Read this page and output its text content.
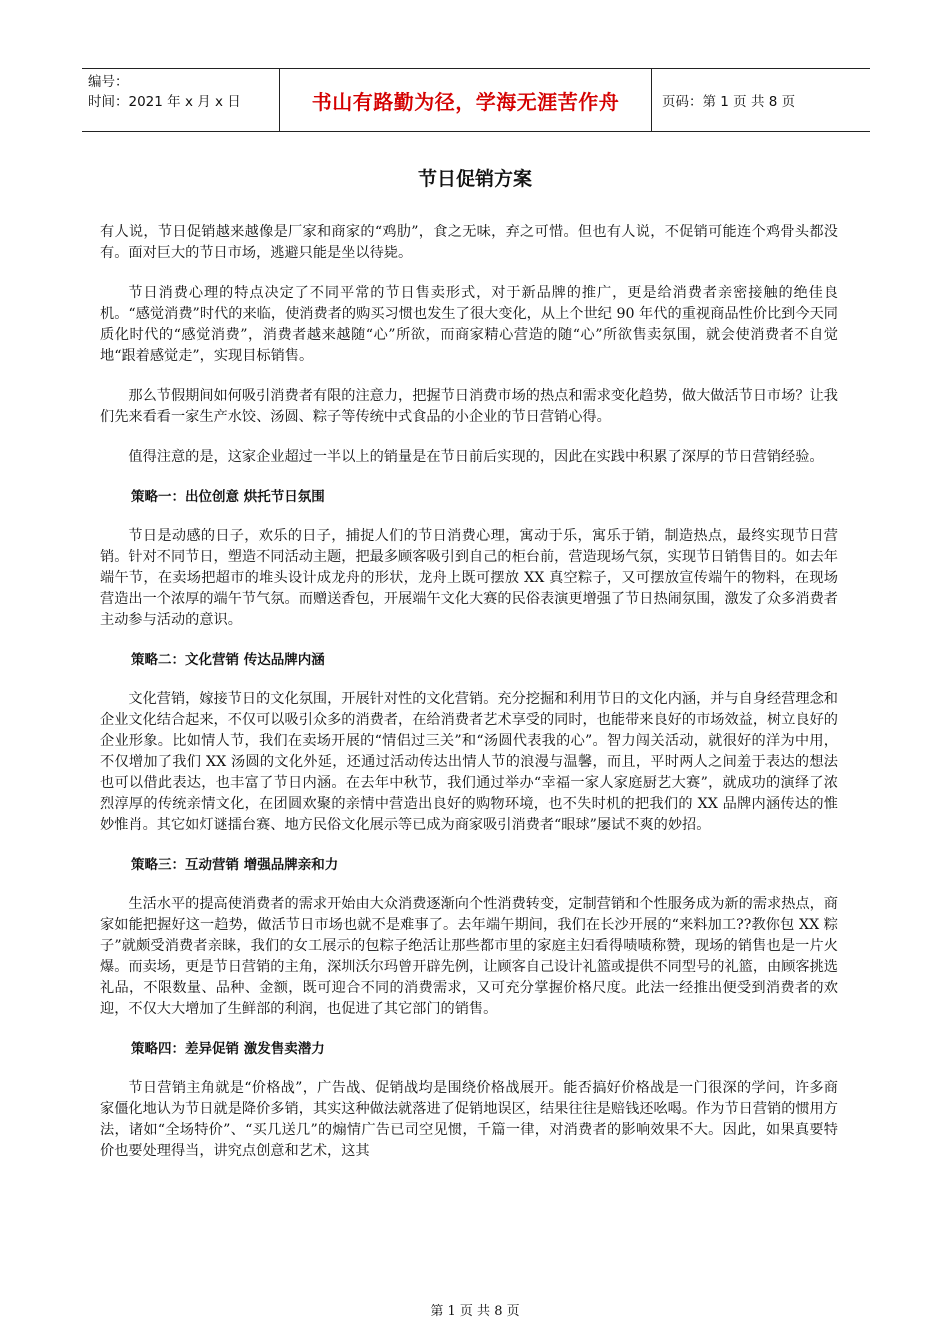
编号：
时间：2021 年 x 月 x 日	书山有路勤为径，学海无涯苦作舟	页码：第 1 页 共 8 页
节日促销方案
有人说，节日促销越来越像是厂家和商家的“鸡肋”，食之无味，弃之可惜。但也有人说，不促销可能连个鸡骨头都没有。面对巨大的节日市场，逃避只能是坐以待毙。
节日消费心理的特点决定了不同平常的节日售卖形式，对于新品牌的推广，更是给消费者亲密接触的绝佳良机。“感觉消费”时代的来临，使消费者的购买习惯也发生了很大变化，从上个世纪 90 年代的重视商品性价比到今天同质化时代的“感觉消费”，消费者越来越随“心”所欲，而商家精心营造的随“心”所欲售卖氛围，就会使消费者不自觉地“跟着感觉走”，实现目标销售。
那么节假期间如何吸引消费者有限的注意力，把握节日消费市场的热点和需求变化趋势，做大做活节日市场？让我们先来看看一家生产水饺、汤圆、粽子等传统中式食品的小企业的节日营销心得。
值得注意的是，这家企业超过一半以上的销量是在节日前后实现的，因此在实践中积累了深厚的节日营销经验。
策略一：出位创意 烘托节日氛围
节日是动感的日子，欢乐的日子，捕捉人们的节日消费心理，寓动于乐，寓乐于销，制造热点，最终实现节日营销。针对不同节日，塑造不同活动主题，把最多顾客吸引到自己的柜台前，营造现场气氛，实现节日销售目的。如去年端午节，在卖场把超市的堆头设计成龙舟的形状，龙舟上既可摆放 XX 真空粽子，又可摆放宣传端午的物料，在现场营造出一个浓厚的端午节气氛。而赠送香包，开展端午文化大赛的民俗表演更增强了节日热闹氛围，激发了众多消费者主动参与活动的意识。
策略二：文化营销 传达品牌内涵
文化营销，嫁接节日的文化氛围，开展针对性的文化营销。充分挖掘和利用节日的文化内涵，并与自身经营理念和企业文化结合起来，不仅可以吸引众多的消费者，在给消费者艺术享受的同时，也能带来良好的市场效益，树立良好的企业形象。比如情人节，我们在卖场开展的“情侣过三关”和“汤圆代表我的心”。智力闯关活动，就很好的洋为中用，不仅增加了我们 XX 汤圆的文化外延，还通过活动传达出情人节的浪漫与温馨，而且，平时两人之间羞于表达的想法也可以借此表达，也丰富了节日内涵。在去年中秋节，我们通过举办“幸福一家人家庭厨艺大赛”，就成功的演绎了浓烈淳厚的传统亲情文化，在团圆欢聚的亲情中营造出良好的购物环境，也不失时机的把我们的 XX 品牌内涵传达的惟妙惟肖。其它如灯谜擂台赛、地方民俗文化展示等已成为商家吸引消费者“眼球”屡试不爽的妙招。
策略三：互动营销 增强品牌亲和力
生活水平的提高使消费者的需求开始由大众消费逐渐向个性消费转变，定制营销和个性服务成为新的需求热点，商家如能把握好这一趋势，做活节日市场也就不是难事了。去年端午期间，我们在长沙开展的“来料加工??教你包 XX 粽子”就颇受消费者亲睐，我们的女工展示的包粽子绝活让那些都市里的家庭主妇看得啧啧称赞，现场的销售也是一片火爆。而卖场，更是节日营销的主角，深圳沃尔玛曾开辟先例，让顾客自己设计礼篮或提供不同型号的礼篮，由顾客挑选礼品，不限数量、品种、金额，既可迎合不同的消费需求，又可充分掌握价格尺度。此法一经推出便受到消费者的欢迎，不仅大大增加了生鲜部的利润，也促进了其它部门的销售。
策略四：差异促销 激发售卖潜力
节日营销主角就是“价格战”，广告战、促销战均是围绕价格战展开。能否搞好价格战是一门很深的学问，许多商家僵化地认为节日就是降价多销，其实这种做法就落进了促销地误区，结果往往是赔钱还吆喝。作为节日营销的惯用方法，诸如“全场特价”、“买几送几”的煽情广告已司空见惯，千篇一律，对消费者的影响效果不大。因此，如果真要特价也要处理得当，讲究点创意和艺术，这其
第 1 页 共 8 页
